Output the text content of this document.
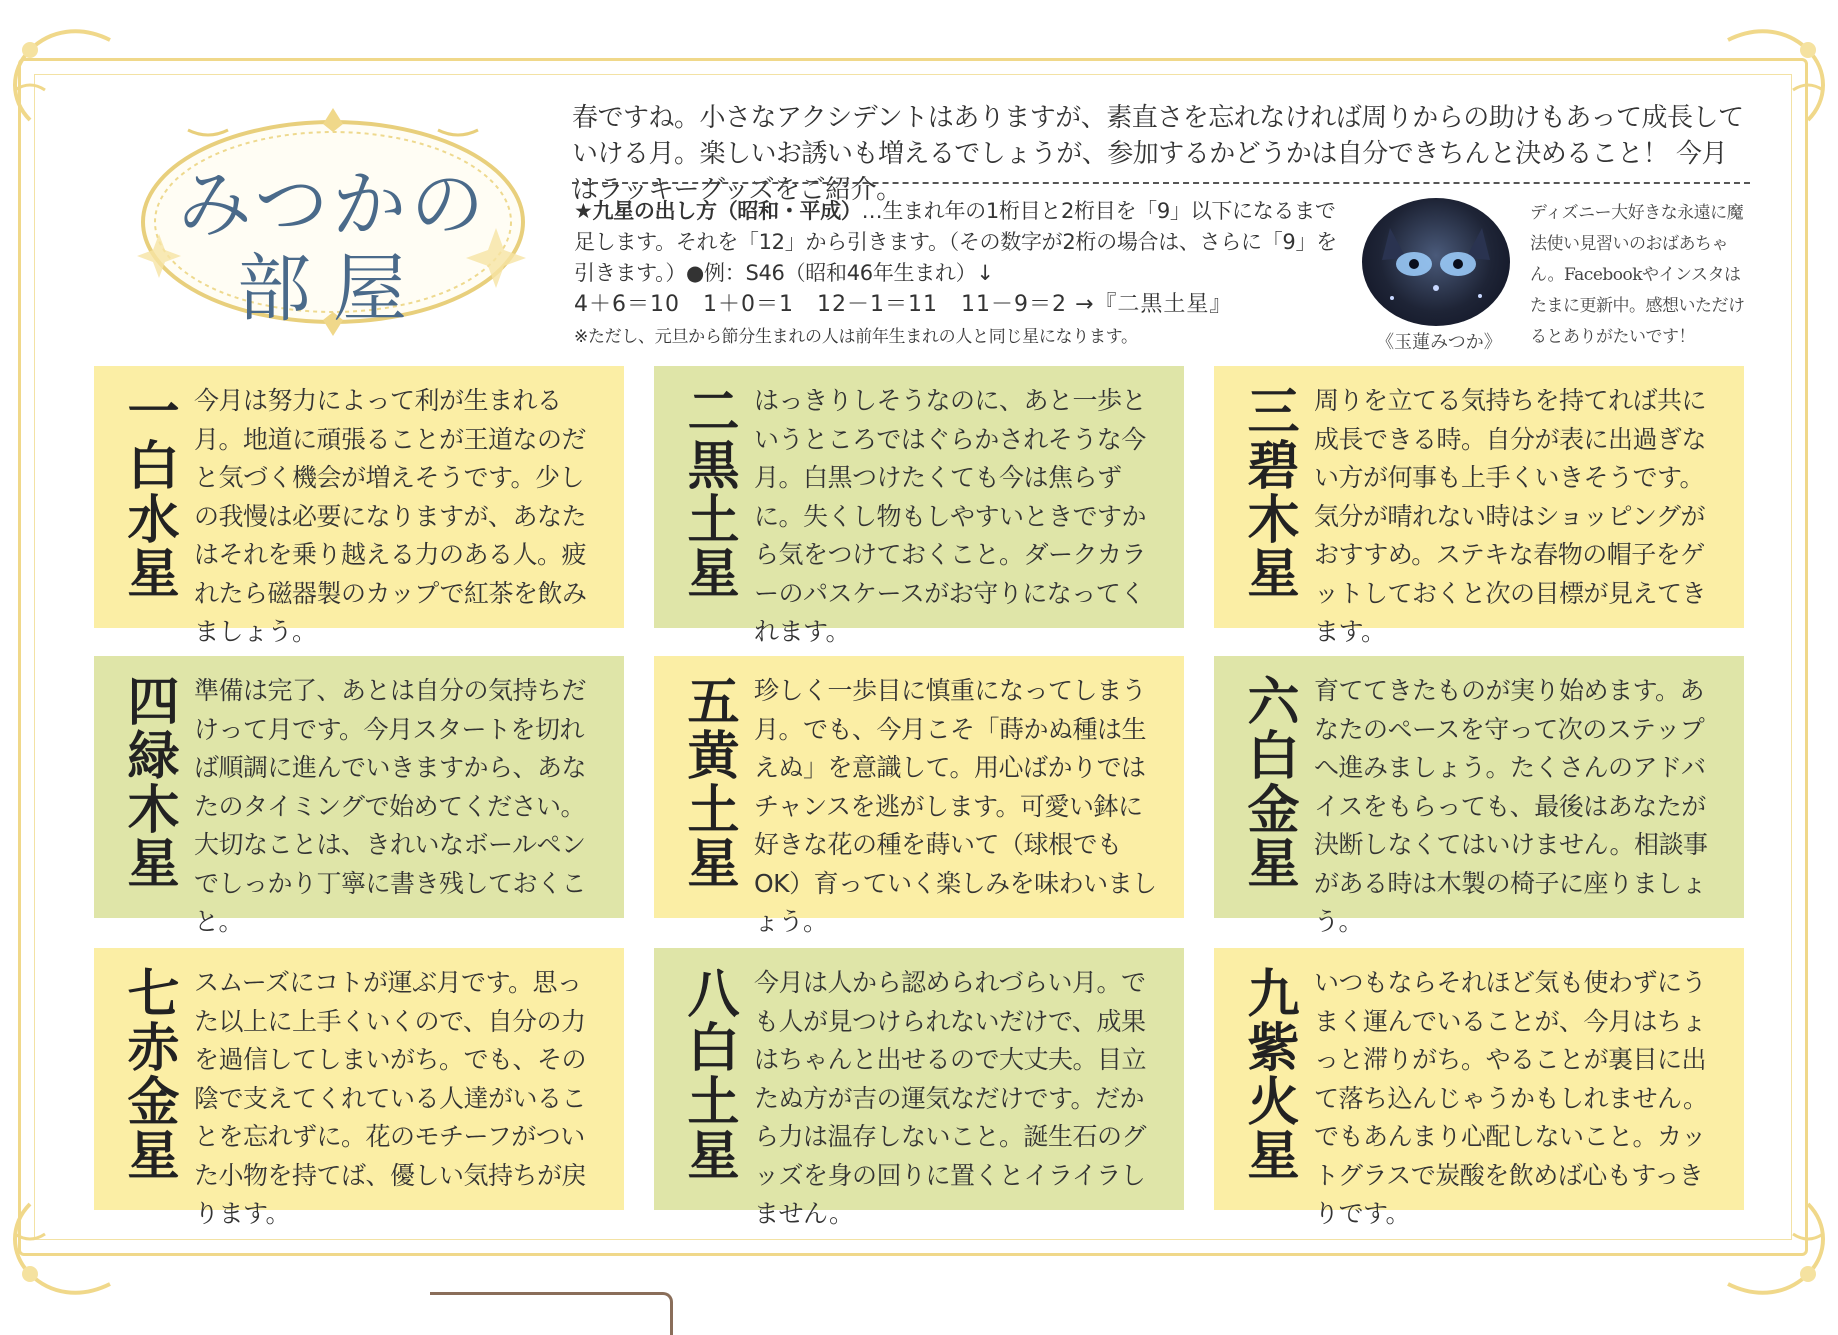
みつかの
部屋
春ですね。小さなアクシデントはありますが、素直さを忘れなければ周りからの助けもあって成長していける月。楽しいお誘いも増えるでしょうが、参加するかどうかは自分できちんと決めること！ 今月はラッキーグッズをご紹介。
★九星の出し方（昭和・平成）…生まれ年の1桁目と2桁目を「9」以下になるまで足します。それを「12」から引きます。（その数字が2桁の場合は、さらに「9」を引きます。）●例：S46（昭和46年生まれ）↓
4＋6＝10　1＋0＝1　12－1＝11　11－9＝2 →『二黒土星』
※ただし、元旦から節分生まれの人は前年生まれの人と同じ星になります。	《玉蓮みつか》
ディズニー大好きな永遠に魔法使い見習いのおばあちゃん。Facebookやインスタはたまに更新中。感想いただけるとありがたいです！
一白水星 今月は努力によって利が生まれる月。地道に頑張ることが王道なのだと気づく機会が増えそうです。少しの我慢は必要になりますが、あなたはそれを乗り越える力のある人。疲れたら磁器製のカップで紅茶を飲みましょう。
二黒土星 はっきりしそうなのに、あと一歩というところではぐらかされそうな今月。白黒つけたくても今は焦らずに。失くし物もしやすいときですから気をつけておくこと。ダークカラーのパスケースがお守りになってくれます。
三碧木星 周りを立てる気持ちを持てれば共に成長できる時。自分が表に出過ぎない方が何事も上手くいきそうです。気分が晴れない時はショッピングがおすすめ。ステキな春物の帽子をゲットしておくと次の目標が見えてきます。
四緑木星 準備は完了、あとは自分の気持ちだけって月です。今月スタートを切れば順調に進んでいきますから、あなたのタイミングで始めてください。大切なことは、きれいなボールペンでしっかり丁寧に書き残しておくこと。
五黄土星 珍しく一歩目に慎重になってしまう月。でも、今月こそ「蒔かぬ種は生えぬ」を意識して。用心ばかりではチャンスを逃がします。可愛い鉢に好きな花の種を蒔いて（球根でもOK）育っていく楽しみを味わいましょう。
六白金星 育ててきたものが実り始めます。あなたのペースを守って次のステップへ進みましょう。たくさんのアドバイスをもらっても、最後はあなたが決断しなくてはいけません。相談事がある時は木製の椅子に座りましょう。
七赤金星 スムーズにコトが運ぶ月です。思った以上に上手くいくので、自分の力を過信してしまいがち。でも、その陰で支えてくれている人達がいることを忘れずに。花のモチーフがついた小物を持てば、優しい気持ちが戻ります。
八白土星 今月は人から認められづらい月。でも人が見つけられないだけで、成果はちゃんと出せるので大丈夫。目立たぬ方が吉の運気なだけです。だから力は温存しないこと。誕生石のグッズを身の回りに置くとイライラしません。
九紫火星 いつもならそれほど気も使わずにうまく運んでいることが、今月はちょっと滞りがち。やることが裏目に出て落ち込んじゃうかもしれません。でもあんまり心配しないこと。カットグラスで炭酸を飲めば心もすっきりです。
